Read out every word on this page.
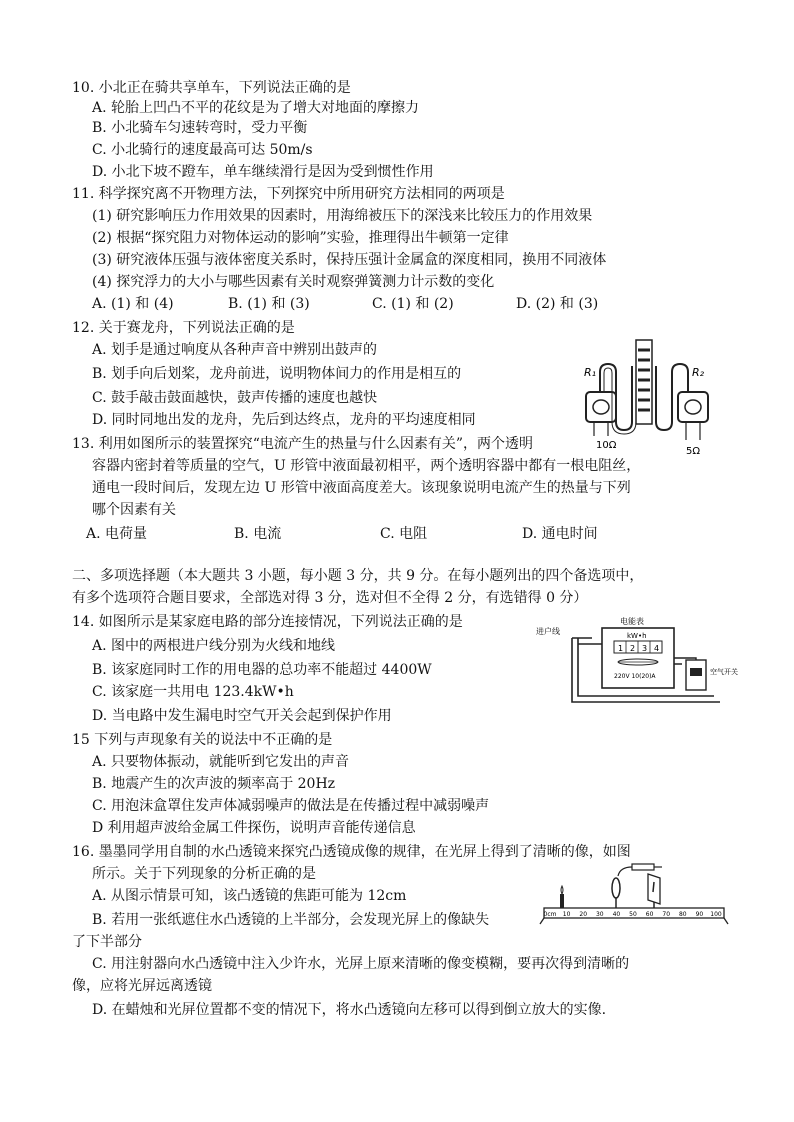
10. 小北正在骑共享单车，下列说法正确的是
A. 轮胎上凹凸不平的花纹是为了增大对地面的摩擦力
B. 小北骑车匀速转弯时，受力平衡
C. 小北骑行的速度最高可达 50m/s
D. 小北下坡不蹬车，单车继续滑行是因为受到惯性作用
11. 科学探究离不开物理方法，下列探究中所用研究方法相同的两项是
(1) 研究影响压力作用效果的因素时，用海绵被压下的深浅来比较压力的作用效果
(2) 根据“探究阻力对物体运动的影响”实验，推理得出牛顿第一定律
(3) 研究液体压强与液体密度关系时，保持压强计金属盒的深度相同，换用不同液体
(4) 探究浮力的大小与哪些因素有关时观察弹簧测力计示数的变化
A. (1) 和 (4)	B. (1) 和 (3)	C. (1) 和 (2)	D. (2) 和 (3)
12. 关于赛龙舟，下列说法正确的是
A. 划手是通过响度从各种声音中辨别出鼓声的
B. 划手向后划桨，龙舟前进，说明物体间力的作用是相互的
C. 鼓手敲击鼓面越快，鼓声传播的速度也越快
D. 同时同地出发的龙舟，先后到达终点，龙舟的平均速度相同
R₁	R₂
10Ω
5Ω
13. 利用如图所示的装置探究“电流产生的热量与什么因素有关”，两个透明
容器内密封着等质量的空气，U 形管中液面最初相平，两个透明容器中都有一根电阻丝，
通电一段时间后，发现左边 U 形管中液面高度差大。该现象说明电流产生的热量与下列
哪个因素有关
A. 电荷量	B. 电流	C. 电阻	D. 通电时间
二、多项选择题（本大题共 3 小题，每小题 3 分，共 9 分。在每小题列出的四个备选项中，
有多个选项符合题目要求，全部选对得 3 分，选对但不全得 2 分，有选错得 0 分）
14. 如图所示是某家庭电路的部分连接情况，下列说法正确的是
A. 图中的两根进户线分别为火线和地线
B. 该家庭同时工作的用电器的总功率不能超过 4400W
C. 该家庭一共用电 123.4kW•h
D. 当电路中发生漏电时空气开关会起到保护作用
进户线
电能表
kW•h
1 2 3 4
220V 10(20)A
空气开关
15 下列与声现象有关的说法中不正确的是
A. 只要物体振动，就能听到它发出的声音
B. 地震产生的次声波的频率高于 20Hz
C. 用泡沫盒罩住发声体减弱噪声的做法是在传播过程中减弱噪声
D 利用超声波给金属工件探伤，说明声音能传递信息
16. 墨墨同学用自制的水凸透镜来探究凸透镜成像的规律，在光屏上得到了清晰的像，如图
所示。关于下列现象的分析正确的是
A. 从图示情景可知，该凸透镜的焦距可能为 12cm
B. 若用一张纸遮住水凸透镜的上半部分，会发现光屏上的像缺失
了下半部分
C. 用注射器向水凸透镜中注入少许水，光屏上原来清晰的像变模糊，要再次得到清晰的
像，应将光屏远离透镜
D. 在蜡烛和光屏位置都不变的情况下，将水凸透镜向左移可以得到倒立放大的实像.
0cm 10 20 30 40 50 60 70 80 90 100
